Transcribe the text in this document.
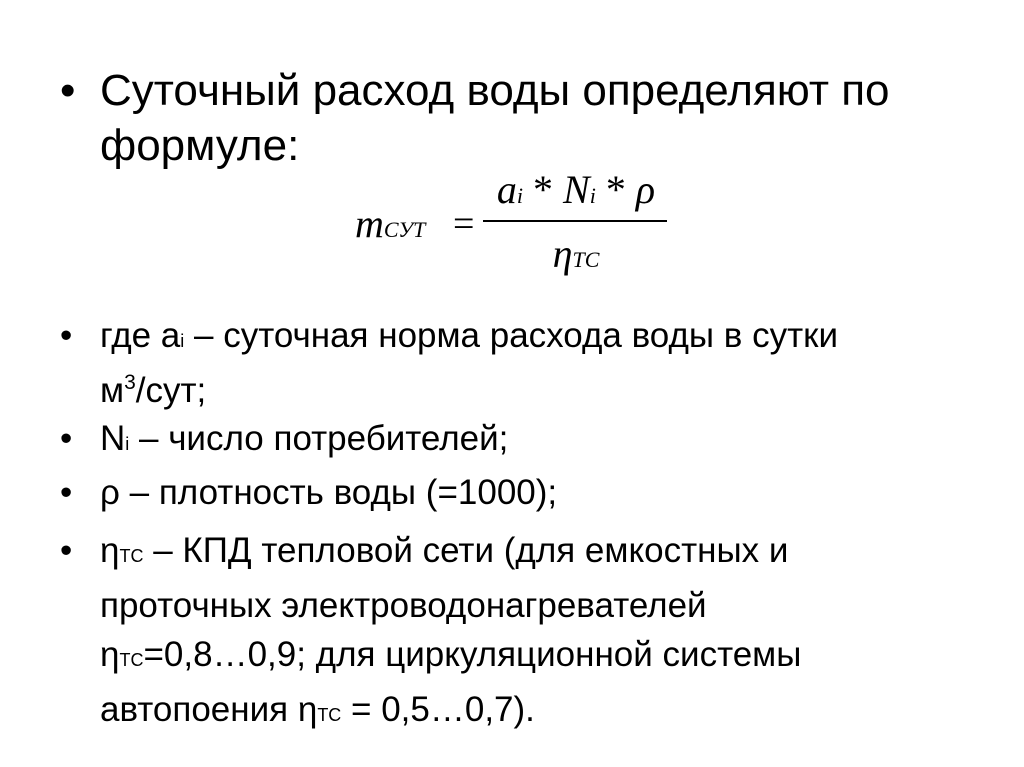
• Суточный расход воды определяют по
формуле:
mСУТ =
ai * Ni * ρ
ηTC
• где ai – суточная норма расхода воды в сутки
$м^3$/сут;
• Ni – число потребителей;
• ρ – плотность воды (=1000);
• ηТС – КПД тепловой сети (для емкостных и
проточных электроводонагревателей
ηТС=0,8…0,9; для циркуляционной системы
автопоения ηТС = 0,5…0,7).
